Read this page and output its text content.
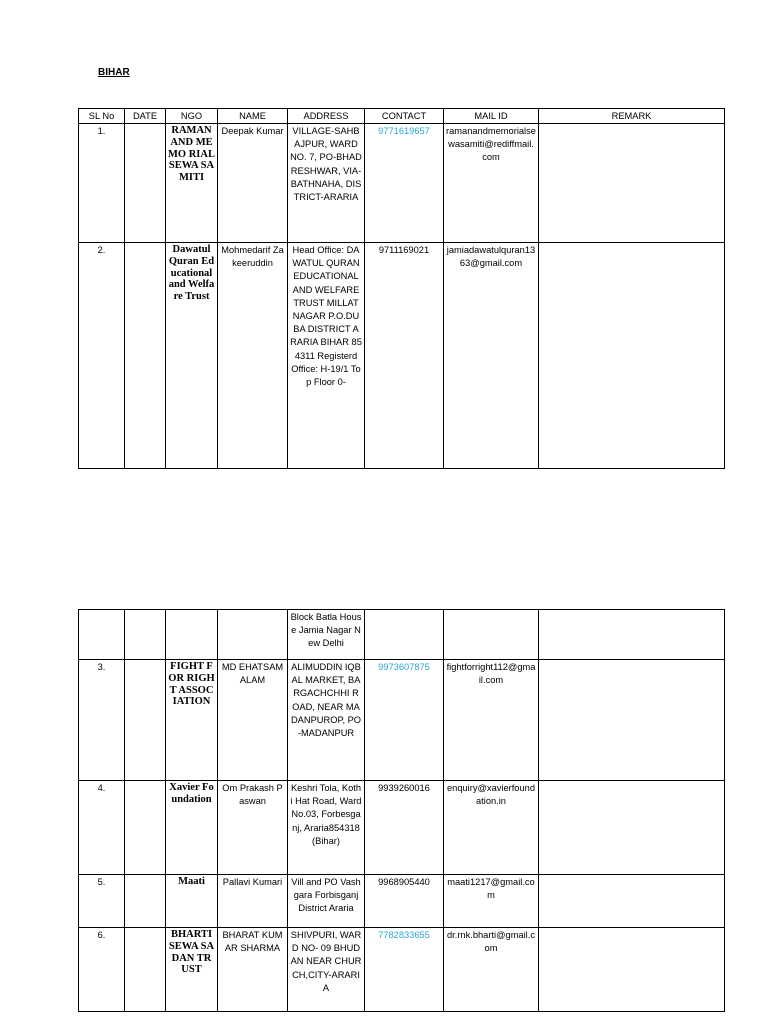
BIHAR
SL No	DATE	NGO	NAME	ADDRESS	CONTACT	MAIL ID	REMARK
1.		RAMAN AND MEMO RIAL SEWA SAMITI	Deepak Kumar	VILLAGE-SAHBAJPUR, WARD NO. 7, PO-BHADRESHWAR, VIA-BATHNAHA, DISTRICT-ARARIA	9771619657	ramanandmemorialsewasamiti@rediffmail.com	
2.		Dawatul Quran Educational and Welfare Trust	Mohmedarif Zakeeruddin	Head Office: DAWATUL QURAN EDUCATIONAL AND WELFARE TRUST MILLAT NAGAR P.O.DUBA DISTRICT ARARIA BIHAR 854311 Registerd Office: H-19/1 Top Floor 0-	9711169021	jamiadawatulquran1363@gmail.com	
				Block Batla House Jamia Nagar New Delhi			
3.		FIGHT FOR RIGHT ASSOCIATION	MD EHATSAM ALAM	ALIMUDDIN IQBAL MARKET, BARGACHCHHI ROAD, NEAR MADANPUROP, PO-MADANPUR	9973607875	fightforright112@gmail.com	
4.		Xavier Foundation	Om Prakash Paswan	Keshri Tola, Kothi Hat Road, Ward No.03, Forbesganj, Araria854318 (Bihar)	9939260016	enquiry@xavierfoundation.in	
5.		Maati	Pallavi Kumari	Vill and PO Vashgara Forbisganj District Araria	9968905440	maati1217@gmail.com	
6.		BHARTI SEWA SADAN TRUST	BHARAT KUMAR SHARMA	SHIVPURI, WARD NO- 09 BHUDAN NEAR CHURCH,CITY-ARARIA	7782833655	dr.rnk.bharti@gmail.com	
